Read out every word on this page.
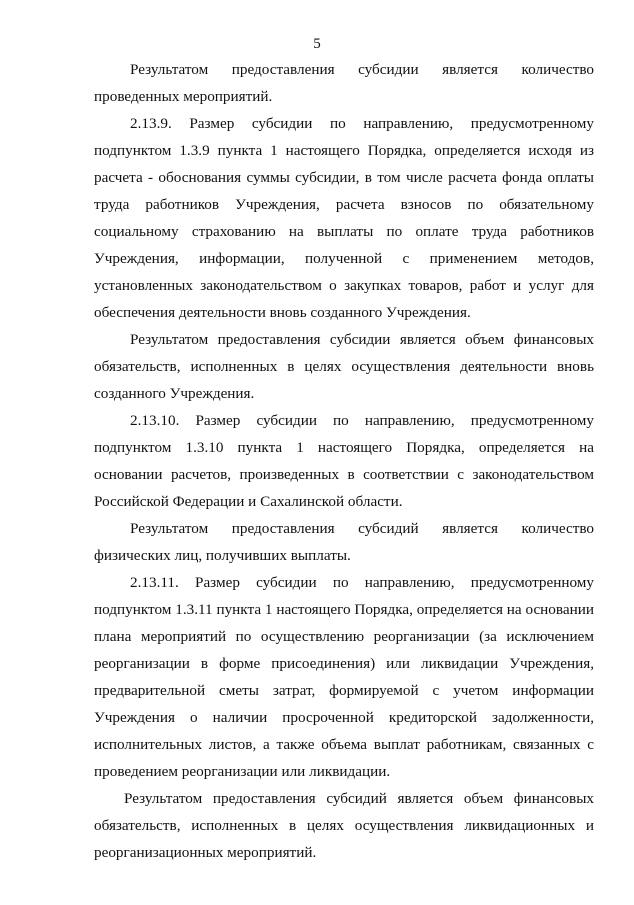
5

Результатом предоставления субсидии является количество проведенных мероприятий.

2.13.9. Размер субсидии по направлению, предусмотренному подпунктом 1.3.9 пункта 1 настоящего Порядка, определяется исходя из расчета - обоснования суммы субсидии, в том числе расчета фонда оплаты труда работников Учреждения, расчета взносов по обязательному социальному страхованию на выплаты по оплате труда работников Учреждения, информации, полученной с применением методов, установленных законодательством о закупках товаров, работ и услуг для обеспечения деятельности вновь созданного Учреждения.

Результатом предоставления субсидии является объем финансовых обязательств, исполненных в целях осуществления деятельности вновь созданного Учреждения.

2.13.10. Размер субсидии по направлению, предусмотренному подпунктом 1.3.10 пункта 1 настоящего Порядка, определяется на основании расчетов, произведенных в соответствии с законодательством Российской Федерации и Сахалинской области.

Результатом предоставления субсидий является количество физических лиц, получивших выплаты.

2.13.11. Размер субсидии по направлению, предусмотренному подпунктом 1.3.11 пункта 1 настоящего Порядка, определяется на основании плана мероприятий по осуществлению реорганизации (за исключением реорганизации в форме присоединения) или ликвидации Учреждения, предварительной сметы затрат, формируемой с учетом информации Учреждения о наличии просроченной кредиторской задолженности, исполнительных листов, а также объема выплат работникам, связанных с проведением реорганизации или ликвидации.

Результатом предоставления субсидий является объем финансовых обязательств, исполненных в целях осуществления ликвидационных и реорганизационных мероприятий.
